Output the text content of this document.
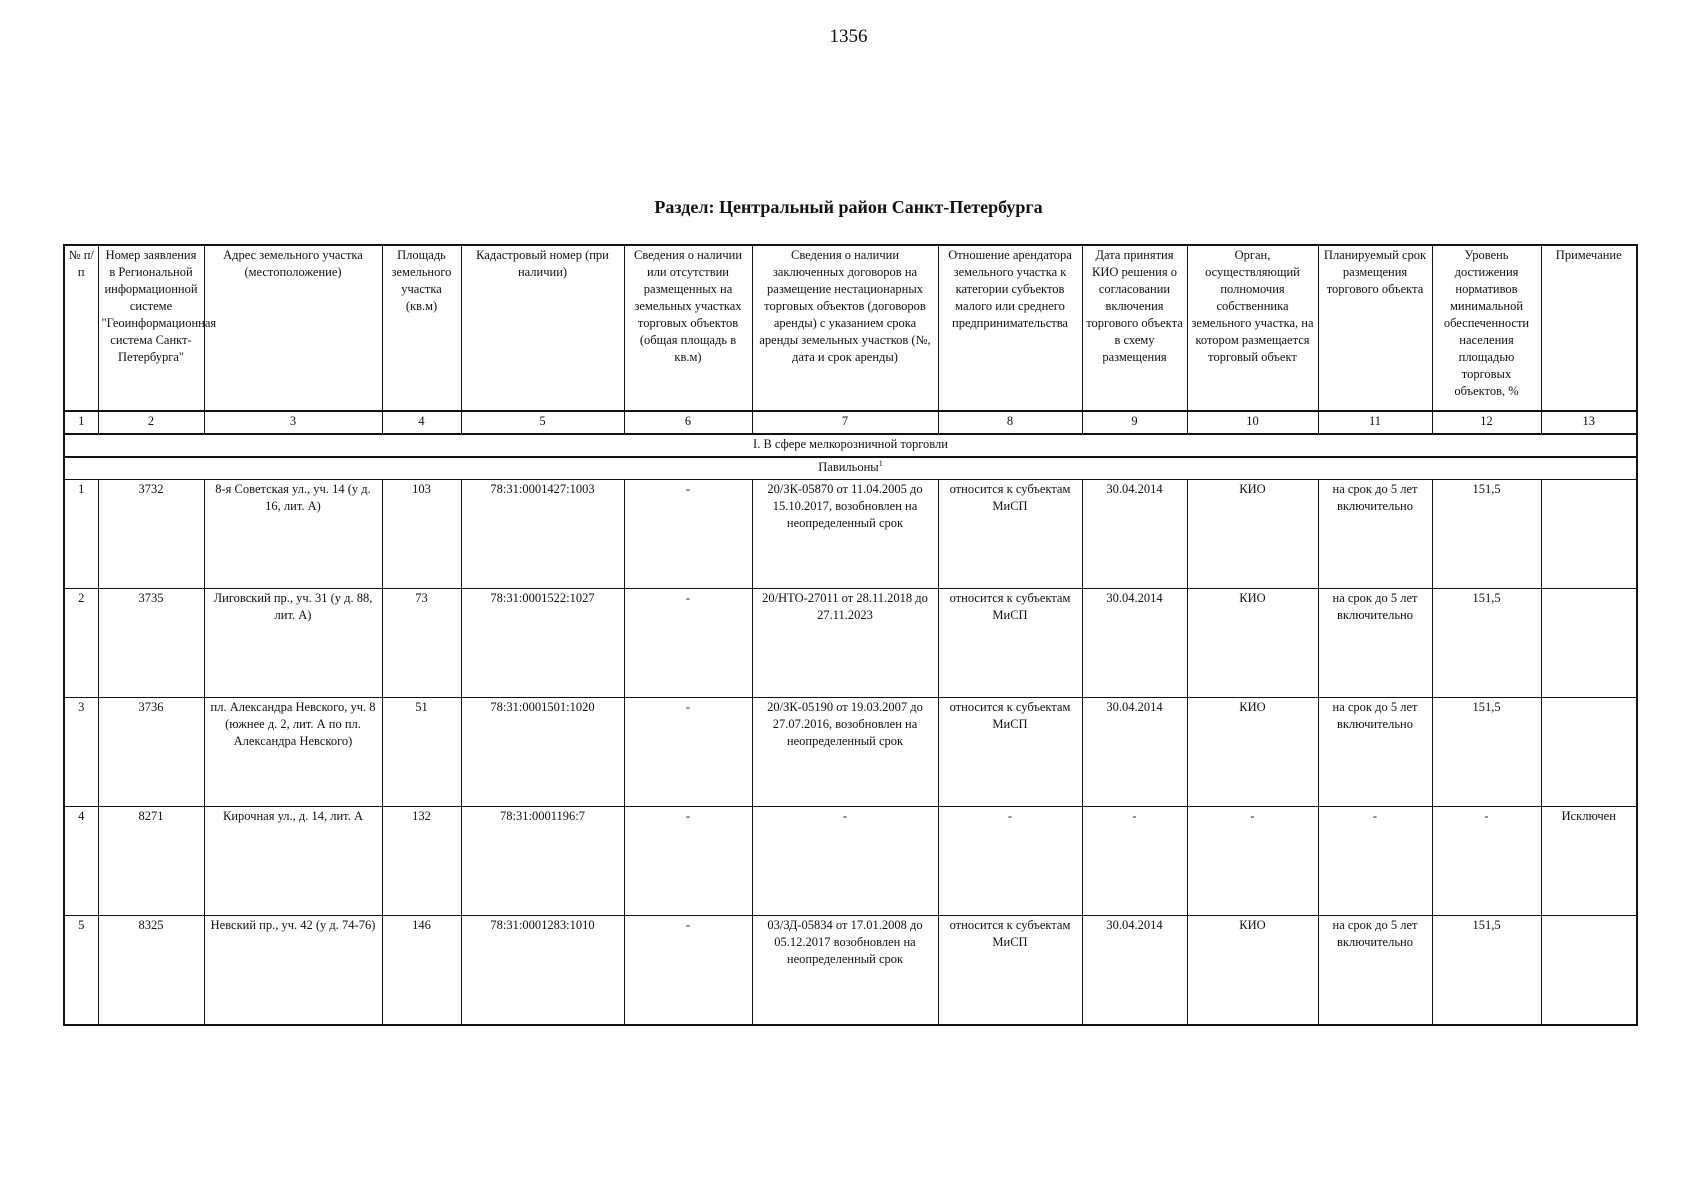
1356
Раздел: Центральный район Санкт-Петербурга
№ п/п	Номер заявления в Региональной информационной системе "Геоинформационная система Санкт-Петербурга"	Адрес земельного участка (местоположение)	Площадь земельного участка (кв.м)	Кадастровый номер (при наличии)	Сведения о наличии или отсутствии размещенных на земельных участках торговых объектов (общая площадь в кв.м)	Сведения о наличии заключенных договоров на размещение нестационарных торговых объектов (договоров аренды) с указанием срока аренды земельных участков (№, дата и срок аренды)	Отношение арендатора земельного участка к категории субъектов малого или среднего предпринимательства	Дата принятия КИО решения о согласовании включения торгового объекта в схему размещения	Орган, осуществляющий полномочия собственника земельного участка, на котором размещается торговый объект	Планируемый срок размещения торгового объекта	Уровень достижения нормативов минимальной обеспеченности населения площадью торговых объектов, %	Примечание
1	2	3	4	5	6	7	8	9	10	11	12	13
I. В сфере мелкорозничной торговли												
Павильоны$^1$
1	3732	8-я Советская ул., уч. 14 (у д. 16, лит. А)	103	78:31:0001427:1003	-	20/ЗК-05870 от 11.04.2005 до 15.10.2017, возобновлен на неопределенный срок	относится к субъектам МиСП	30.04.2014	КИО	на срок до 5 лет включительно	151,5	
2	3735	Лиговский пр., уч. 31 (у д. 88, лит. А)	73	78:31:0001522:1027	-	20/НТО-27011 от 28.11.2018 до 27.11.2023	относится к субъектам МиСП	30.04.2014	КИО	на срок до 5 лет включительно	151,5	
3	3736	пл. Александра Невского, уч. 8 (южнее д. 2, лит. А по пл. Александра Невского)	51	78:31:0001501:1020	-	20/ЗК-05190 от 19.03.2007 до 27.07.2016, возобновлен на неопределенный срок	относится к субъектам МиСП	30.04.2014	КИО	на срок до 5 лет включительно	151,5	
4	8271	Кирочная ул., д. 14, лит. А	132	78:31:0001196:7	-	-	-	-	-	-	-	Исключен
5	8325	Невский пр., уч. 42 (у д. 74-76)	146	78:31:0001283:1010	-	03/ЗД-05834 от 17.01.2008 до 05.12.2017 возобновлен на неопределенный срок	относится к субъектам МиСП	30.04.2014	КИО	на срок до 5 лет включительно	151,5	
